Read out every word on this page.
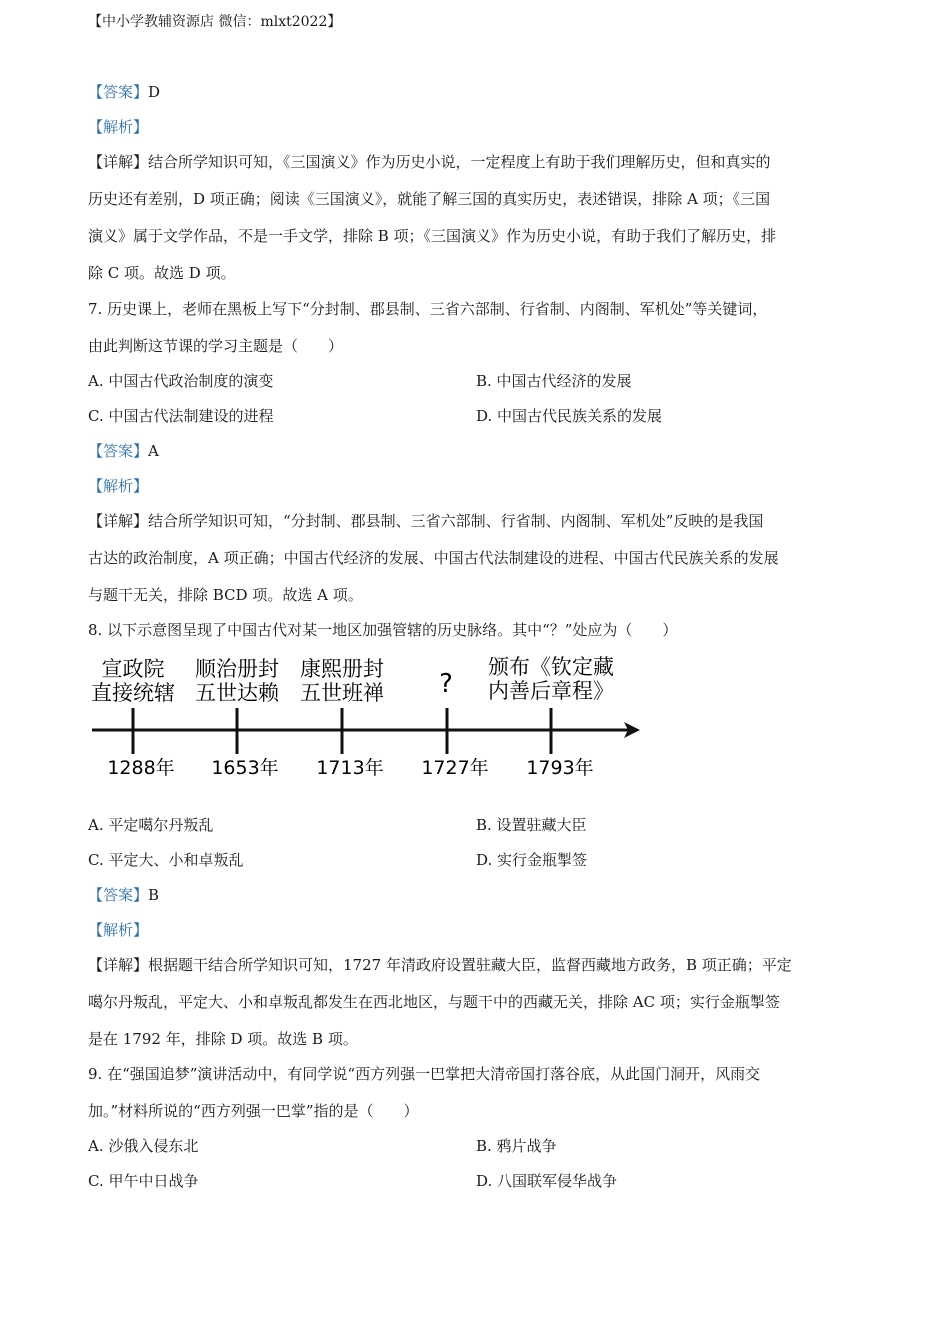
【中小学教辅资源店 微信：mlxt2022】
【答案】D
【解析】
【详解】结合所学知识可知，《三国演义》作为历史小说，一定程度上有助于我们理解历史，但和真实的
历史还有差别，D 项正确；阅读《三国演义》，就能了解三国的真实历史，表述错误，排除 A 项；《三国
演义》属于文学作品，不是一手文学，排除 B 项；《三国演义》作为历史小说，有助于我们了解历史，排
除 C 项。故选 D 项。
7. 历史课上，老师在黑板上写下“分封制、郡县制、三省六部制、行省制、内阁制、军机处”等关键词，
由此判断这节课的学习主题是（　　）
A. 中国古代政治制度的演变	B. 中国古代经济的发展
C. 中国古代法制建设的进程	D. 中国古代民族关系的发展
【答案】A
【解析】
【详解】结合所学知识可知，“分封制、郡县制、三省六部制、行省制、内阁制、军机处”反映的是我国
古达的政治制度，A 项正确；中国古代经济的发展、中国古代法制建设的进程、中国古代民族关系的发展
与题干无关，排除 BCD 项。故选 A 项。
8. 以下示意图呈现了中国古代对某一地区加强管辖的历史脉络。其中“？”处应为（　　）
宣政院
直接统辖
1288年
顺治册封
五世达赖
1653年
康熙册封
五世班禅
1713年
?
1727年
颁布《钦定藏
内善后章程》
1793年
A. 平定噶尔丹叛乱	B. 设置驻藏大臣
C. 平定大、小和卓叛乱	D. 实行金瓶掣签
【答案】B
【解析】
【详解】根据题干结合所学知识可知，1727 年清政府设置驻藏大臣，监督西藏地方政务，B 项正确；平定
噶尔丹叛乱，平定大、小和卓叛乱都发生在西北地区，与题干中的西藏无关，排除 AC 项；实行金瓶掣签
是在 1792 年，排除 D 项。故选 B 项。
9. 在“强国追梦”演讲活动中，有同学说“西方列强一巴掌把大清帝国打落谷底，从此国门洞开，风雨交
加。”材料所说的“西方列强一巴掌”指的是（　　）
A. 沙俄入侵东北	B. 鸦片战争
C. 甲午中日战争	D. 八国联军侵华战争
